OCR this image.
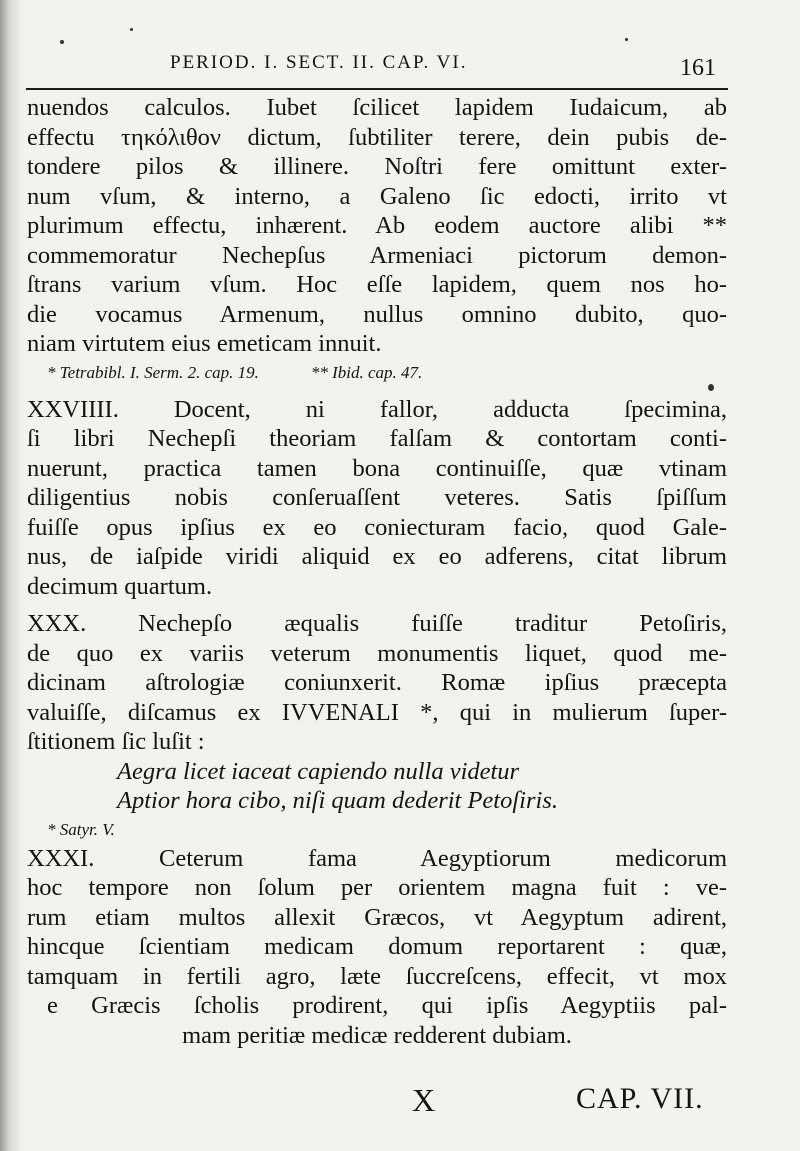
PERIOD. I. SECT. II. CAP. VI.	161
nuendos calculos. Iubet ſcilicet lapidem Iudaicum, ab
effectu τηκόλιθον dictum, ſubtiliter terere, dein pubis de-
tondere pilos & illinere. Noſtri fere omittunt exter-
num vſum, & interno, a Galeno ſic edocti, irrito vt
plurimum effectu, inhærent. Ab eodem auctore alibi **
commemoratur Nechepſus Armeniaci pictorum demon-
ſtrans varium vſum. Hoc eſſe lapidem, quem nos ho-
die vocamus Armenum, nullus omnino dubito, quo-
niam virtutem eius emeticam innuit.
* Tetrabibl. I. Serm. 2. cap. 19.	** Ibid. cap. 47.
XXVIIII. Docent, ni fallor, adducta ſpecimina,
ſi libri Nechepſi theoriam falſam & contortam conti-
nuerunt, practica tamen bona continuiſſe, quæ vtinam
diligentius nobis conſeruaſſent veteres. Satis ſpiſſum
fuiſſe opus ipſius ex eo coniecturam facio, quod Gale-
nus, de iaſpide viridi aliquid ex eo adferens, citat librum
decimum quartum.
XXX. Nechepſo æqualis fuiſſe traditur Petoſiris,
de quo ex variis veterum monumentis liquet, quod me-
dicinam aſtrologiæ coniunxerit. Romæ ipſius præcepta
valuiſſe, diſcamus ex IVVENALI *, qui in mulierum ſuper-
ſtitionem ſic luſit :
Aegra licet iaceat capiendo nulla videtur
Aptior hora cibo, niſi quam dederit Petoſiris.
* Satyr. V.
XXXI. Ceterum fama Aegyptiorum medicorum
hoc tempore non ſolum per orientem magna fuit : ve-
rum etiam multos allexit Græcos, vt Aegyptum adirent,
hincque ſcientiam medicam domum reportarent : quæ,
tamquam in fertili agro, læte ſuccreſcens, effecit, vt mox
e Græcis ſcholis prodirent, qui ipſis Aegyptiis pal-
mam peritiæ medicæ redderent dubiam.
X	CAP. VII.
